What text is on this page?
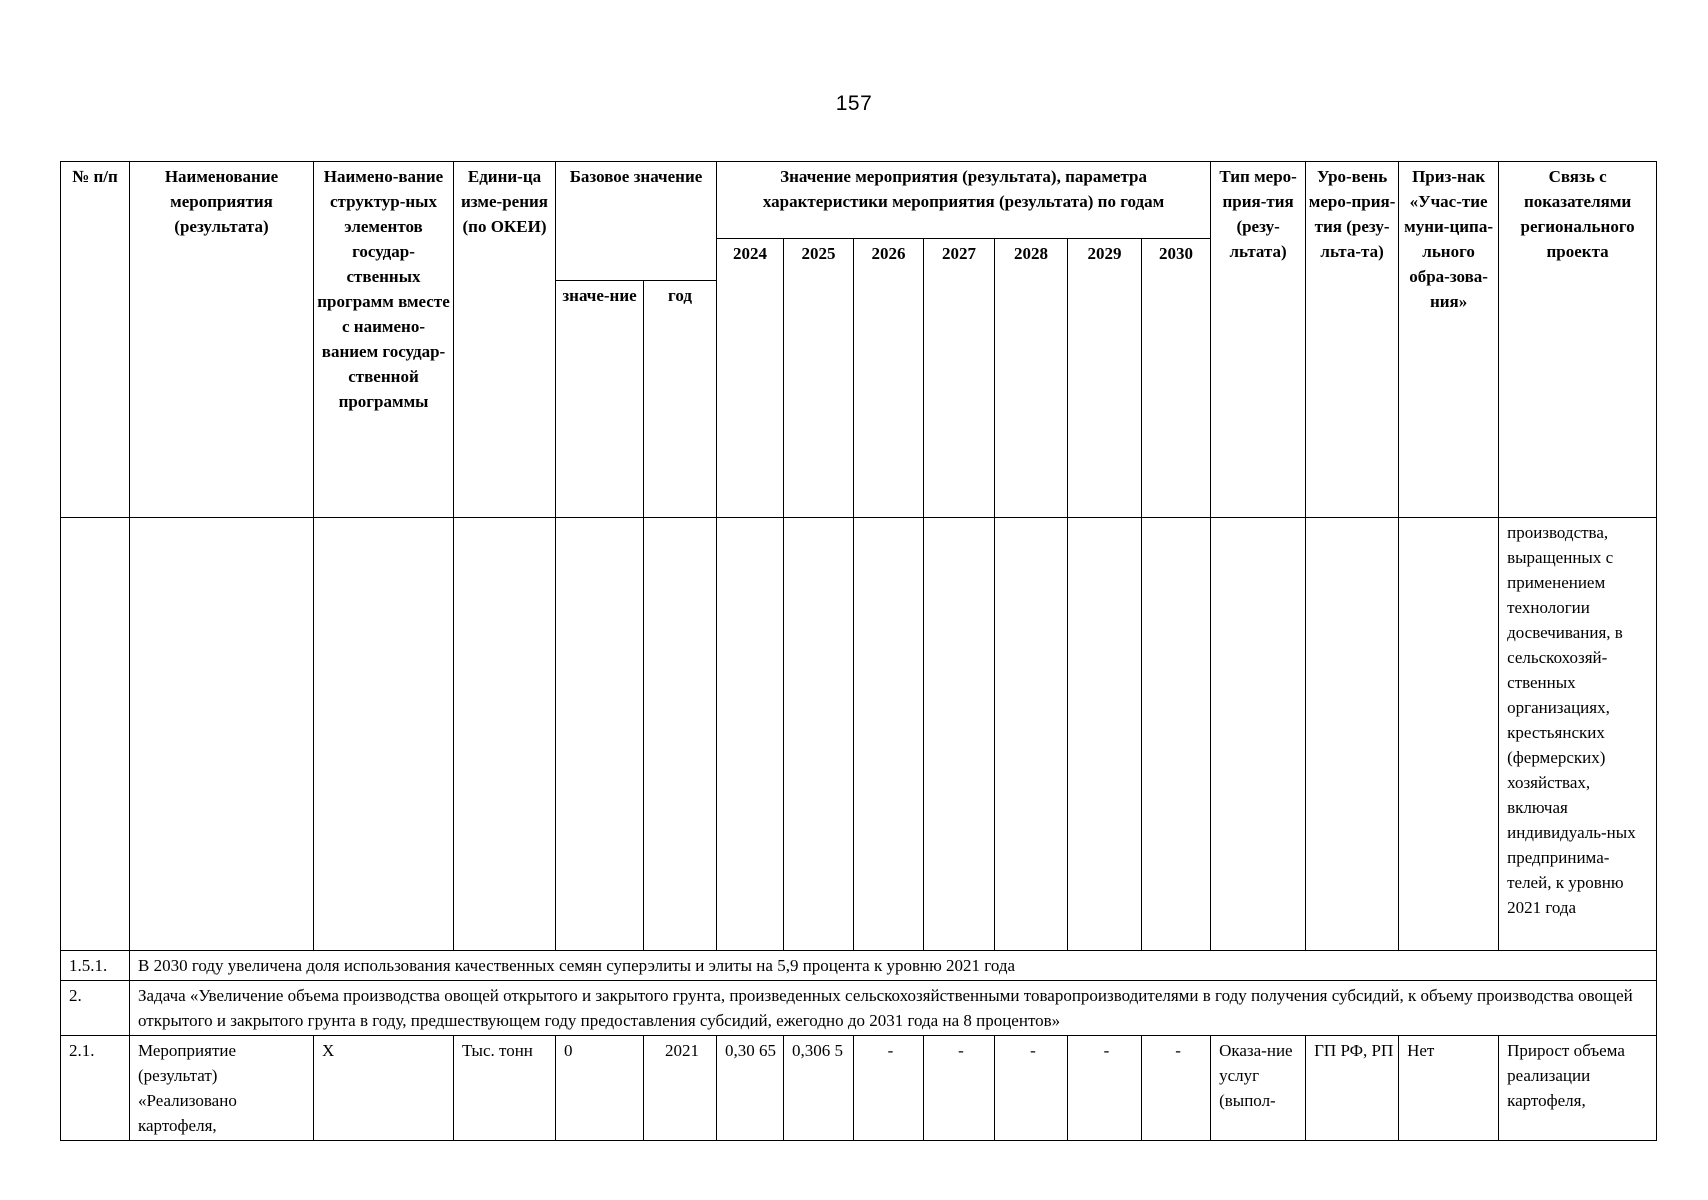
157
№ п/п	Наименование мероприятия (результата)	Наимено-вание структур-ных элементов государ-ственных программ вместе с наимено-ванием государ-ственной программы	Едини-ца изме-рения (по ОКЕИ)	Базовое значение		Значение мероприятия (результата), параметра характеристики мероприятия (результата) по годам							Тип меро-прия-тия (резу-льтата)	Уро-вень меро-прия-тия (резу-льта-та)	Приз-нак «Учас-тие муни-ципа-льного обра-зова-ния»	Связь с показателями регионального проекта
						2024	2025	2026	2027	2028	2029	2030				
				значе-ние	год											
																производства, выращенных с применением технологии досвечивания, в сельскохозяй-ственных организациях, крестьянских (фермерских) хозяйствах, включая индивидуаль-ных предпринима-телей, к уровню 2021 года
1.5.1.	В 2030 году увеличена доля использования качественных семян суперэлиты и элиты на 5,9 процента к уровню 2021 года															
2.	Задача «Увеличение объема производства овощей открытого и закрытого грунта, произведенных сельскохозяйственными товаропроизводителями в году получения субсидий, к объему производства овощей открытого и закрытого грунта в году, предшествующем году предоставления субсидий, ежегодно до 2031 года на 8 процентов»															
2.1.	Мероприятие (результат) «Реализовано картофеля,	Х	Тыс. тонн	0	2021	0,30 65	0,306 5	-	-	-	-	-	Оказа-ние услуг (выпол-	ГП РФ, РП	Нет	Прирост объема реализации картофеля,
